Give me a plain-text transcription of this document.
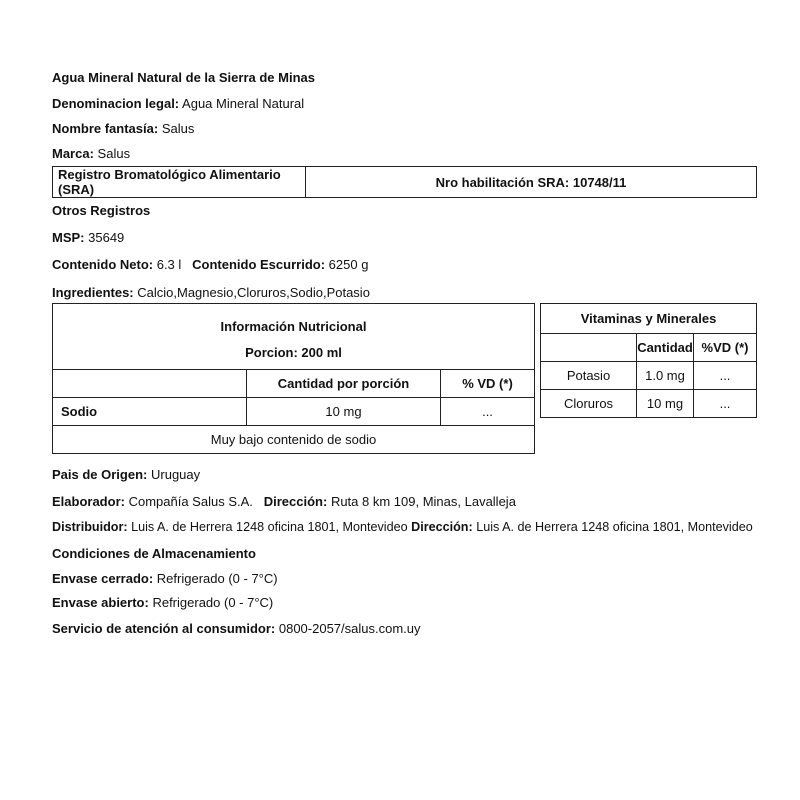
Agua Mineral Natural de la Sierra de Minas
Denominacion legal: Agua Mineral Natural
Nombre fantasía: Salus
Marca: Salus
Registro Bromatológico Alimentario (SRA)	Nro habilitación SRA: 10748/11
Otros Registros
MSP: 35649
Contenido Neto: 6.3 l Contenido Escurrido: 6250 g
Ingredientes: Calcio,Magnesio,Cloruros,Sodio,Potasio
Información Nutricional
Porcion: 200 ml		

	Cantidad por porción	% VD (*)
Sodio	10 mg	...
Muy bajo contenido de sodio		
Vitaminas y Minerales		
	Cantidad	%VD (*)
Potasio	1.0 mg	...
Cloruros	10 mg	...
Pais de Origen: Uruguay
Elaborador: Compañía Salus S.A. Dirección: Ruta 8 km 109, Minas, Lavalleja
Distribuidor: Luis A. de Herrera 1248 oficina 1801, Montevideo Dirección: Luis A. de Herrera 1248 oficina 1801, Montevideo
Condiciones de Almacenamiento
Envase cerrado: Refrigerado (0 - 7°C)
Envase abierto: Refrigerado (0 - 7°C)
Servicio de atención al consumidor: 0800-2057/salus.com.uy
